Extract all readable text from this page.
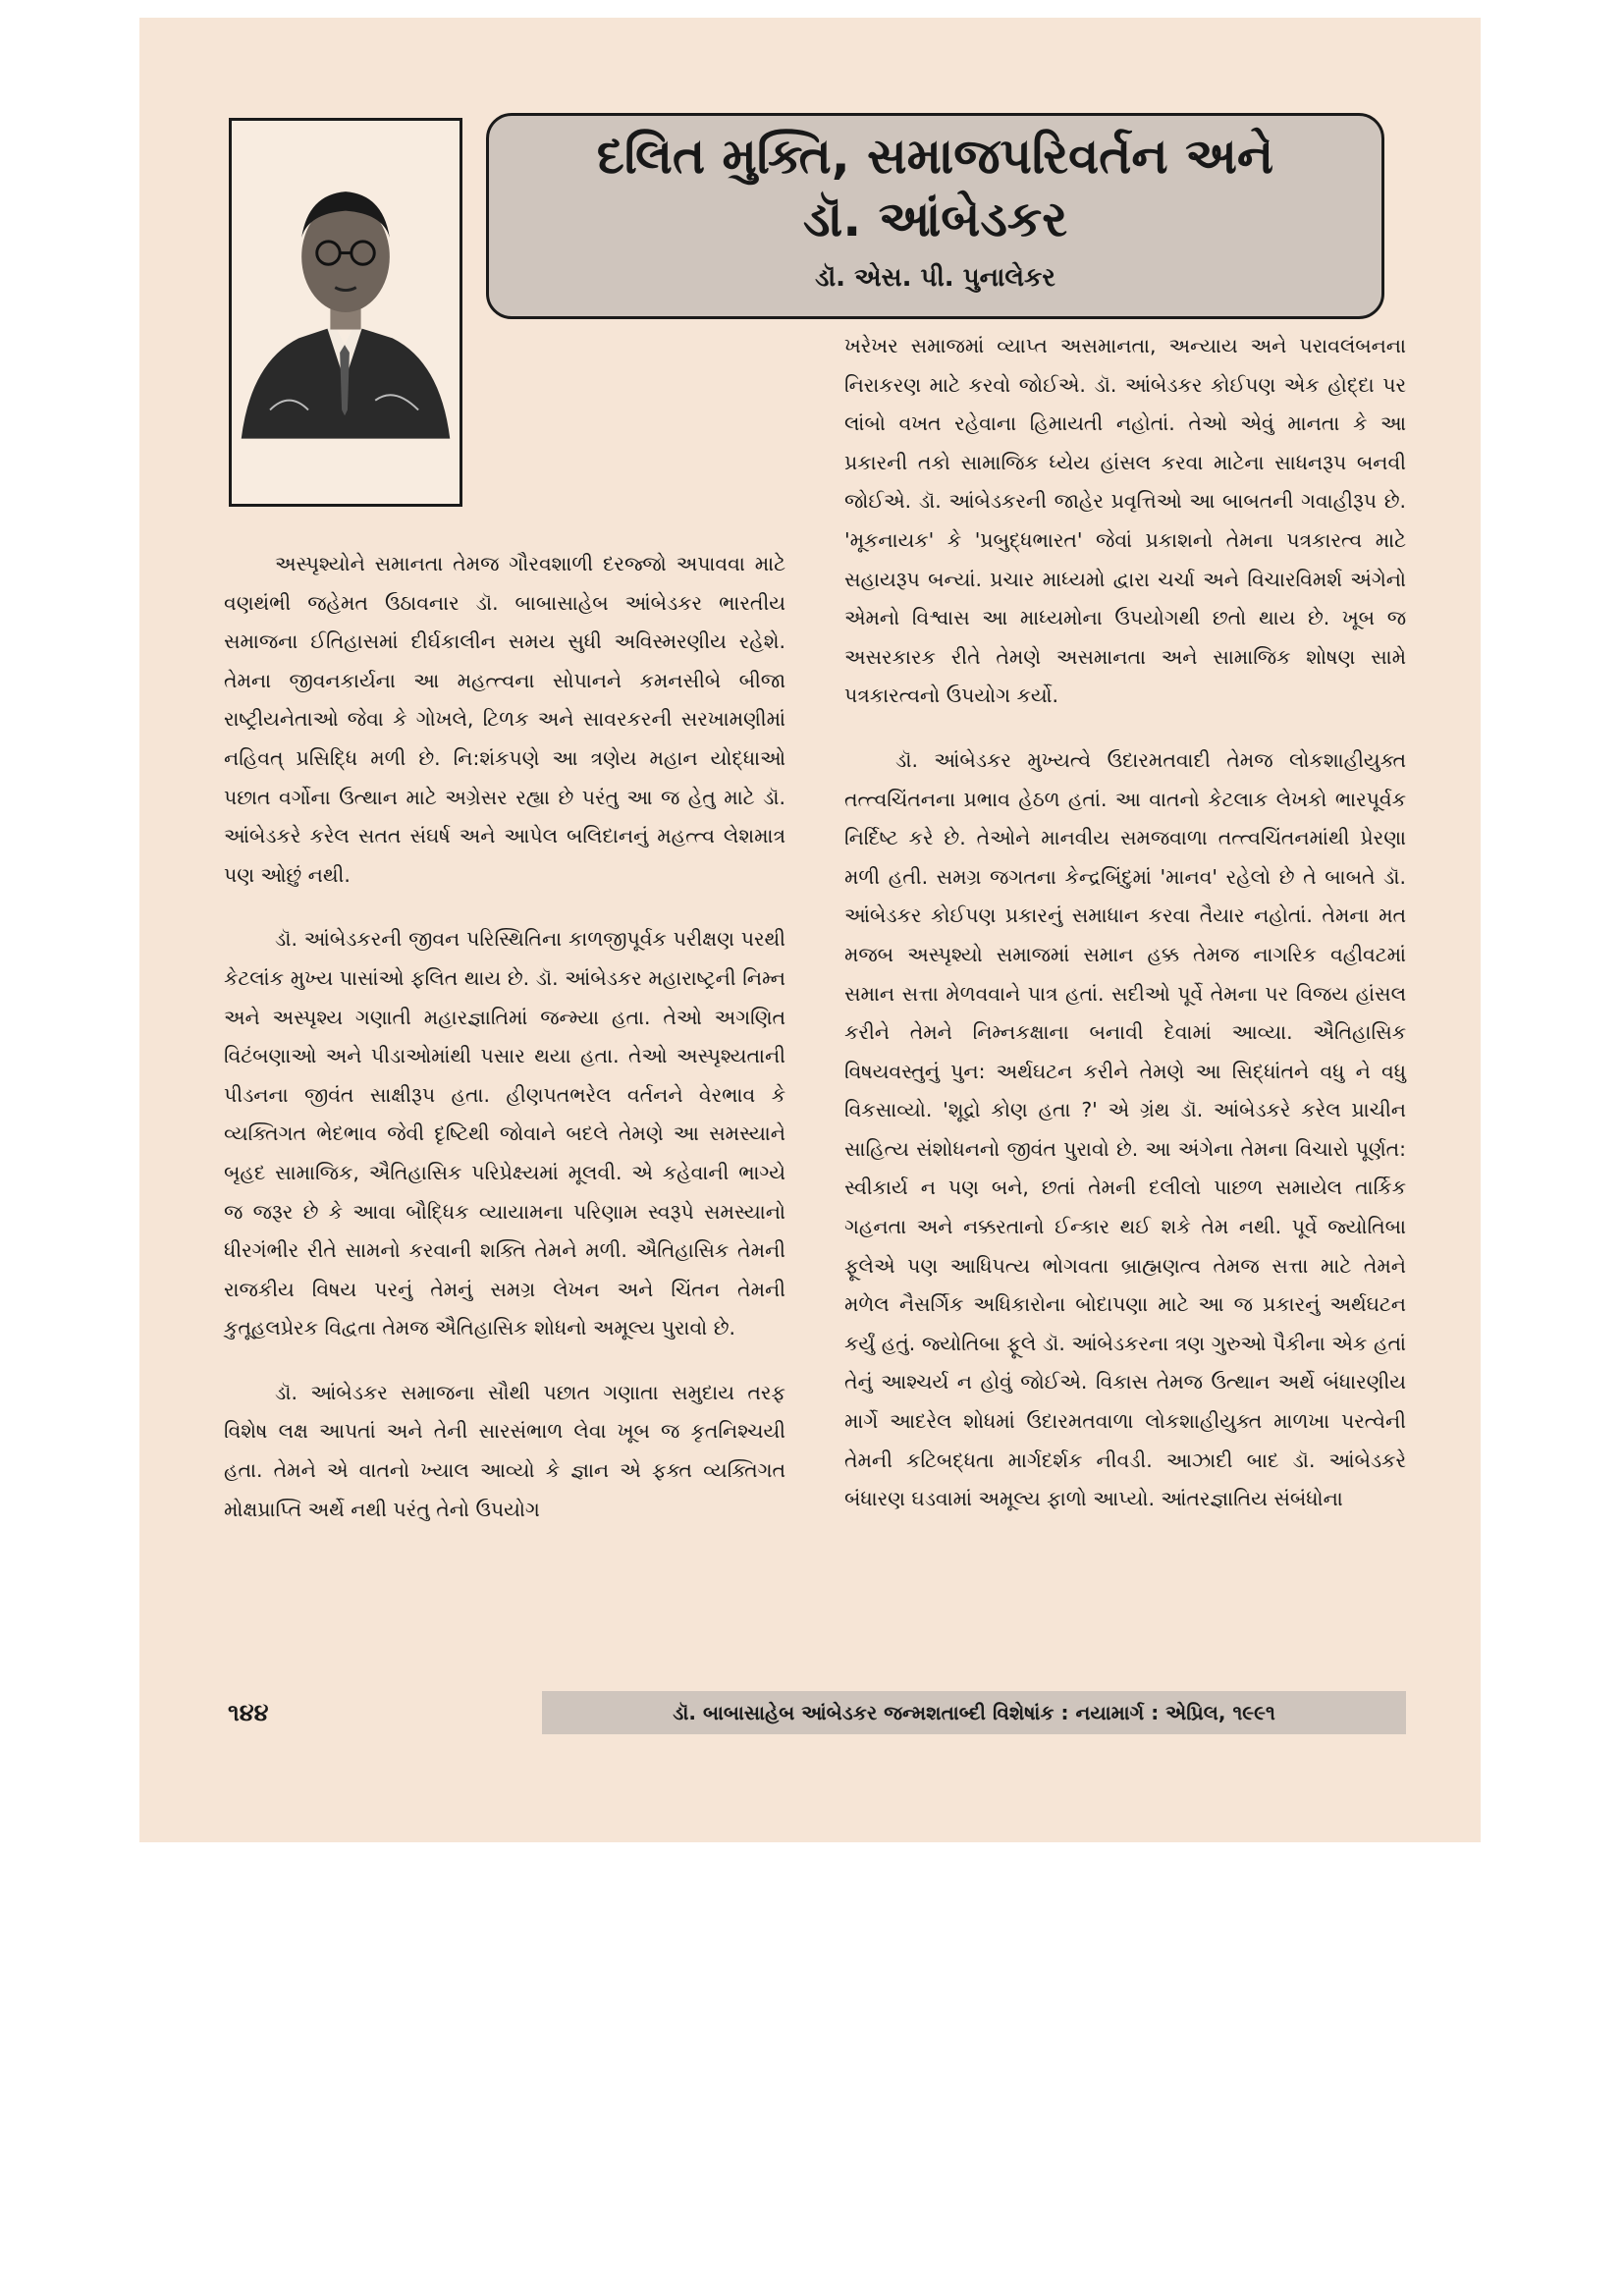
દલિત મુક્તિ, સમાજપરિવર્તન અને
ડૉ. આંબેડકર
ડૉ. એસ. પી. પુનાલેકર

અસ્પૃશ્યોને સમાનતા તેમજ ગૌરવશાળી દરજ્જો અપાવવા માટે વણથંભી જહેમત ઉઠાવનાર ડૉ. બાબાસાહેબ આંબેડકર ભારતીય સમાજના ઈતિહાસમાં દીર્ઘકાલીન સમય સુધી અવિસ્મરણીય રહેશે. તેમના જીવનકાર્યના આ મહત્ત્વના સોપાનને કમનસીબે બીજા રાષ્ટ્રીયનેતાઓ જેવા કે ગોખલે, ટિળક અને સાવરકરની સરખામણીમાં નહિવત્ પ્રસિદ્ધિ મળી છે. નિ:શંકપણે આ ત્રણેય મહાન યોદ્ધાઓ પછાત વર્ગોના ઉત્થાન માટે અગ્રેસર રહ્યા છે પરંતુ આ જ હેતુ માટે ડૉ. આંબેડકરે કરેલ સતત સંઘર્ષ અને આપેલ બલિદાનનું મહત્ત્વ લેશમાત્ર પણ ઓછું નથી.

ડૉ. આંબેડકરની જીવન પરિસ્થિતિના કાળજીપૂર્વક પરીક્ષણ પરથી કેટલાંક મુખ્ય પાસાંઓ ફલિત થાય છે. ડૉ. આંબેડકર મહારાષ્ટ્રની નિમ્ન અને અસ્પૃશ્ય ગણાતી મહારજ્ઞાતિમાં જન્મ્યા હતા. તેઓ અગણિત વિટંબણાઓ અને પીડાઓમાંથી પસાર થયા હતા. તેઓ અસ્પૃશ્યતાની પીડનના જીવંત સાક્ષીરૂપ હતા. હીણપતભરેલ વર્તનને વેરભાવ કે વ્યક્તિગત ભેદભાવ જેવી દૃષ્ટિથી જોવાને બદલે તેમણે આ સમસ્યાને બૃહદ સામાજિક, ઐતિહાસિક પરિપ્રેક્ષ્યમાં મૂલવી. એ કહેવાની ભાગ્યે જ જરૂર છે કે આવા બૌદ્ધિક વ્યાયામના પરિણામ સ્વરૂપે સમસ્યાનો ધીરગંભીર રીતે સામનો કરવાની શક્તિ તેમને મળી. ઐતિહાસિક તેમની રાજકીય વિષય પરનું તેમનું સમગ્ર લેખન અને ચિંતન તેમની કુતૂહલપ્રેરક વિદ્વતા તેમજ ઐતિહાસિક શોધનો અમૂલ્ય પુરાવો છે.

ડૉ. આંબેડકર સમાજના સૌથી પછાત ગણાતા સમુદાય તરફ વિશેષ લક્ષ આપતાં અને તેની સારસંભાળ લેવા ખૂબ જ કૃતનિશ્ચયી હતા. તેમને એ વાતનો ખ્યાલ આવ્યો કે જ્ઞાન એ ફક્ત વ્યક્તિગત મોક્ષપ્રાપ્તિ અર્થે નથી પરંતુ તેનો ઉપયોગ

ખરેખર સમાજમાં વ્યાપ્ત અસમાનતા, અન્યાય અને પરાવલંબનના નિરાકરણ માટે કરવો જોઈએ. ડૉ. આંબેડકર કોઈપણ એક હોદ્દા પર લાંબો વખત રહેવાના હિમાયતી નહોતાં. તેઓ એવું માનતા કે આ પ્રકારની તકો સામાજિક ધ્યેય હાંસલ કરવા માટેના સાધનરૂપ બનવી જોઈએ. ડૉ. આંબેડકરની જાહેર પ્રવૃત્તિઓ આ બાબતની ગવાહીરૂપ છે. 'મૂકનાયક' કે 'પ્રબુદ્ધભારત' જેવાં પ્રકાશનો તેમના પત્રકારત્વ માટે સહાયરૂપ બન્યાં. પ્રચાર માધ્યમો દ્વારા ચર્ચા અને વિચારવિમર્શ અંગેનો એમનો વિશ્વાસ આ માધ્યમોના ઉપયોગથી છતો થાય છે. ખૂબ જ અસરકારક રીતે તેમણે અસમાનતા અને સામાજિક શોષણ સામે પત્રકારત્વનો ઉપયોગ કર્યો.

ડૉ. આંબેડકર મુખ્યત્વે ઉદારમતવાદી તેમજ લોકશાહીયુક્ત તત્ત્વચિંતનના પ્રભાવ હેઠળ હતાં. આ વાતનો કેટલાક લેખકો ભારપૂર્વક નિર્દિષ્ટ કરે છે. તેઓને માનવીય સમજવાળા તત્ત્વચિંતનમાંથી પ્રેરણા મળી હતી. સમગ્ર જગતના કેન્દ્રબિંદુમાં 'માનવ' રહેલો છે તે બાબતે ડૉ. આંબેડકર કોઈપણ પ્રકારનું સમાધાન કરવા તૈયાર નહોતાં. તેમના મત મજબ અસ્પૃશ્યો સમાજમાં સમાન હક્ક તેમજ નાગરિક વહીવટમાં સમાન સત્તા મેળવવાને પાત્ર હતાં. સદીઓ પૂર્વે તેમના પર વિજય હાંસલ કરીને તેમને નિમ્નકક્ષાના બનાવી દેવામાં આવ્યા. ઐતિહાસિક વિષયવસ્તુનું પુન: અર્થઘટન કરીને તેમણે આ સિદ્ધાંતને વધુ ને વધુ વિકસાવ્યો. 'શૂદ્રો કોણ હતા ?' એ ગ્રંથ ડૉ. આંબેડકરે કરેલ પ્રાચીન સાહિત્ય સંશોધનનો જીવંત પુરાવો છે. આ અંગેના તેમના વિચારો પૂર્ણત: સ્વીકાર્ય ન પણ બને, છતાં તેમની દલીલો પાછળ સમાયેલ તાર્કિક ગહનતા અને નક્કરતાનો ઈન્કાર થઈ શકે તેમ નથી. પૂર્વે જ્યોતિબા ફૂલેએ પણ આધિપત્ય ભોગવતા બ્રાહ્મણત્વ તેમજ સત્તા માટે તેમને મળેલ નૈસર્ગિક અધિકારોના બોદાપણા માટે આ જ પ્રકારનું અર્થઘટન કર્યું હતું. જ્યોતિબા ફૂલે ડૉ. આંબેડકરના ત્રણ ગુરુઓ પૈકીના એક હતાં તેનું આશ્ચર્ય ન હોવું જોઈએ. વિકાસ તેમજ ઉત્થાન અર્થે બંધારણીય માર્ગે આદરેલ શોધમાં ઉદારમતવાળા લોકશાહીયુક્ત માળખા પરત્વેની તેમની કટિબદ્ધતા માર્ગદર્શક નીવડી. આઝાદી બાદ ડૉ. આંબેડકરે બંધારણ ઘડવામાં અમૂલ્ય ફાળો આપ્યો. આંતરજ્ઞાતિય સંબંધોના

૧૪૪	ડૉ. બાબાસાહેબ આંબેડકર જન્મશતાબ્દી વિશેષાંક : નયામાર્ગ : એપ્રિલ, ૧૯૯૧
